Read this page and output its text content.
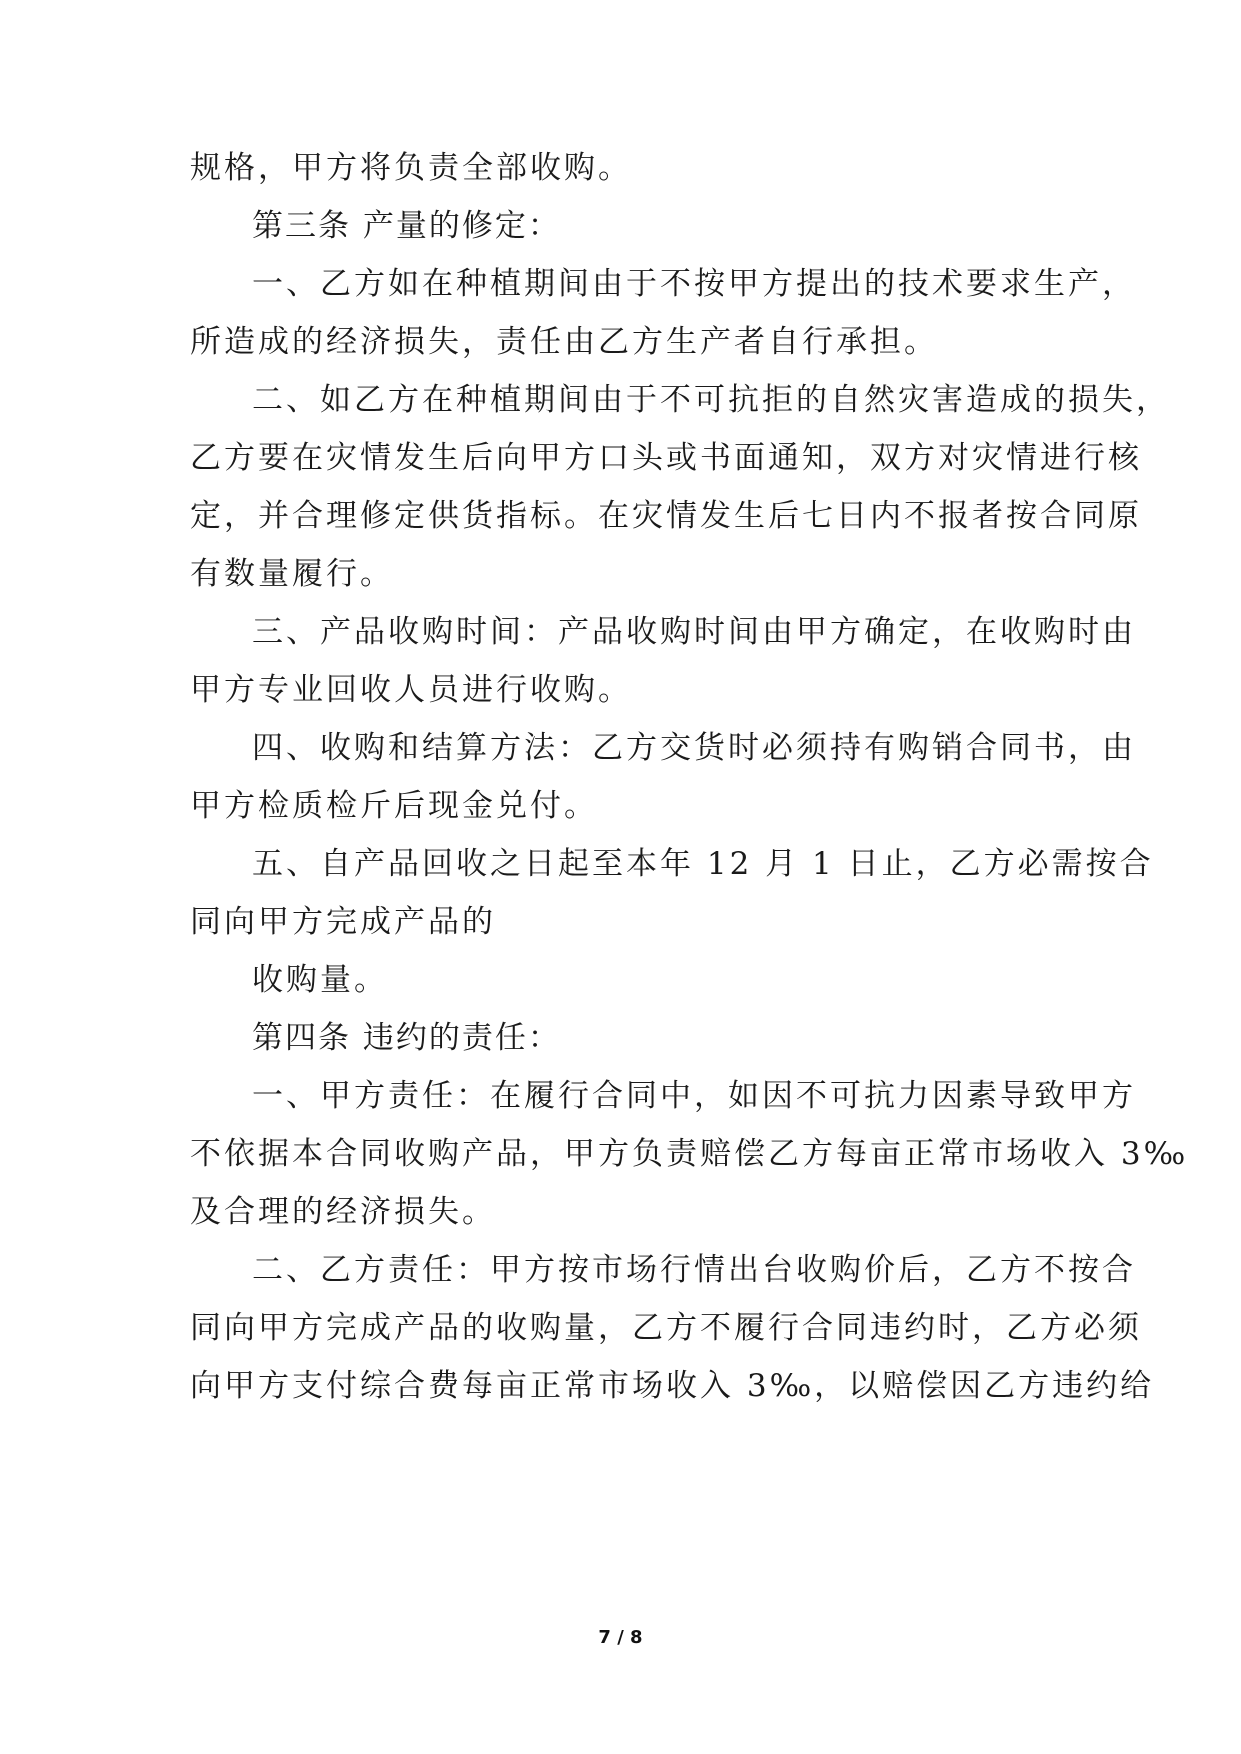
规格，甲方将负责全部收购。
第三条 产量的修定：
一、乙方如在种植期间由于不按甲方提出的技术要求生产，
所造成的经济损失，责任由乙方生产者自行承担。
二、如乙方在种植期间由于不可抗拒的自然灾害造成的损失，
乙方要在灾情发生后向甲方口头或书面通知，双方对灾情进行核
定，并合理修定供货指标。在灾情发生后七日内不报者按合同原
有数量履行。
三、产品收购时间：产品收购时间由甲方确定，在收购时由
甲方专业回收人员进行收购。
四、收购和结算方法：乙方交货时必须持有购销合同书，由
甲方检质检斤后现金兑付。
五、自产品回收之日起至本年 12 月 1 日止，乙方必需按合
同向甲方完成产品的
收购量。
第四条 违约的责任：
一、甲方责任：在履行合同中，如因不可抗力因素导致甲方
不依据本合同收购产品，甲方负责赔偿乙方每亩正常市场收入 3‰
及合理的经济损失。
二、乙方责任：甲方按市场行情出台收购价后，乙方不按合
同向甲方完成产品的收购量，乙方不履行合同违约时，乙方必须
向甲方支付综合费每亩正常市场收入 3‰，以赔偿因乙方违约给
7 / 8
